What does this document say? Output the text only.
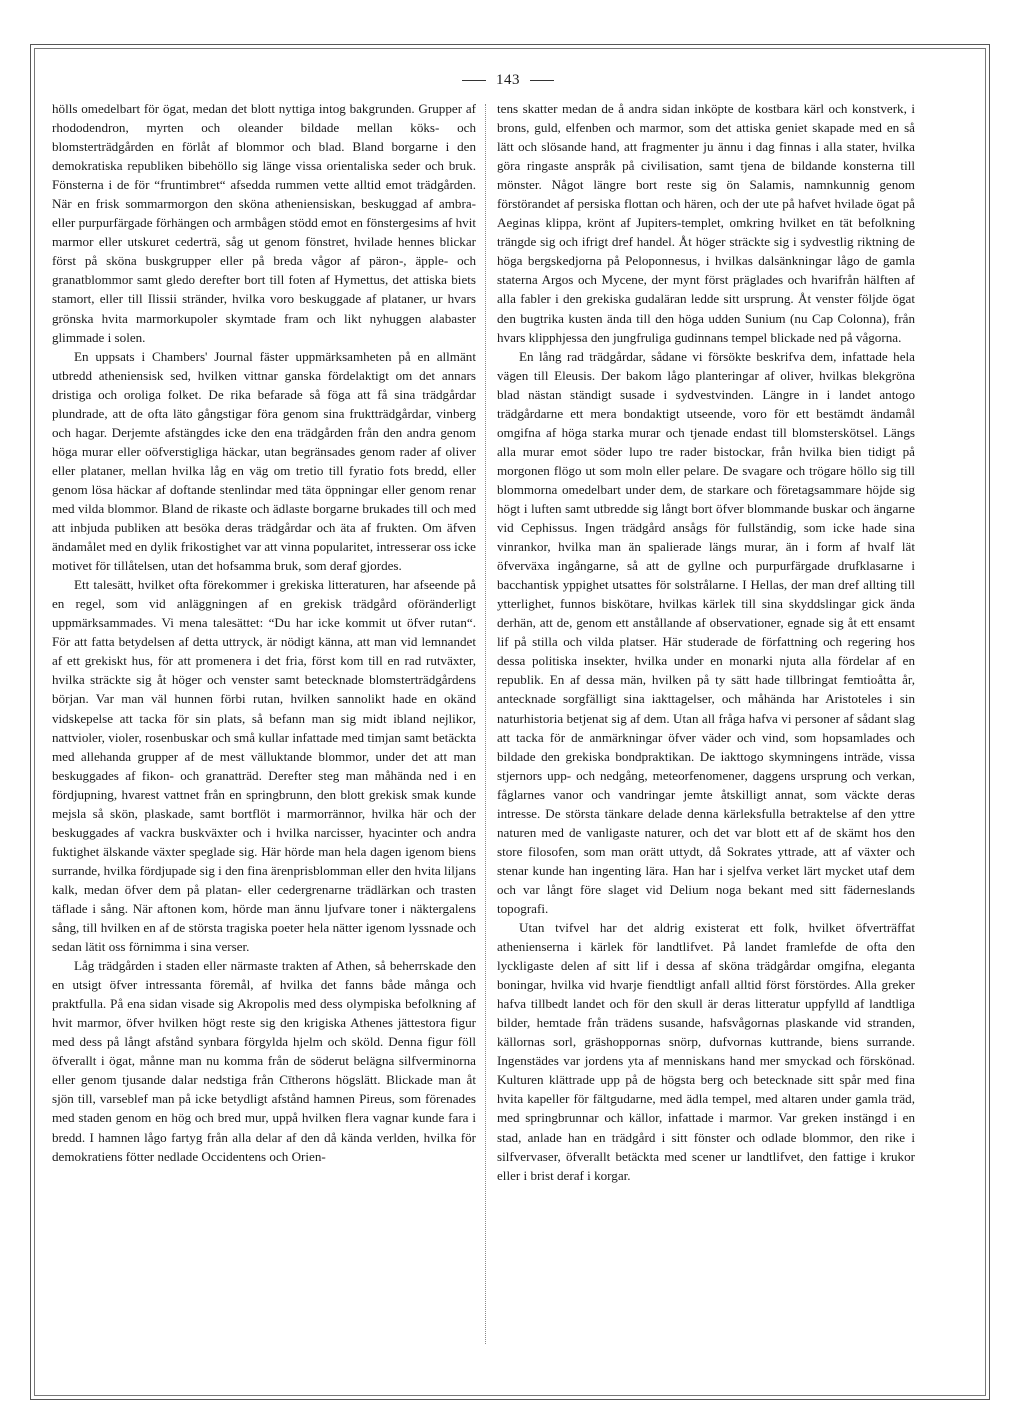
143

hölls omedelbart för ögat, medan det blott nyttiga intog bakgrunden. Grupper af rhododendron, myrten och oleander bildade mellan köks- och blomsterträdgården en förlåt af blommor och blad. Bland borgarne i den demokratiska republiken bibehöllo sig länge vissa orientaliska seder och bruk. Fönsterna i de för “fruntimbret“ afsedda rummen vette alltid emot trädgården. När en frisk sommarmorgon den sköna atheniensiskan, beskuggad af ambra- eller purpurfärgade förhängen och armbågen stödd emot en fönstergesims af hvit marmor eller utskuret cederträ, såg ut genom fönstret, hvilade hennes blickar först på sköna buskgrupper eller på breda vågor af päron-, äpple- och granatblommor samt gledo derefter bort till foten af Hymettus, det attiska biets stamort, eller till Ilissii stränder, hvilka voro beskuggade af plataner, ur hvars grönska hvita marmorkupoler skymtade fram och likt nyhuggen alabaster glimmade i solen.

En uppsats i Chambers' Journal fäster uppmärksamheten på en allmänt utbredd atheniensisk sed, hvilken vittnar ganska fördelaktigt om det annars dristiga och oroliga folket. De rika befarade så föga att få sina trädgårdar plundrade, att de ofta läto gångstigar föra genom sina fruktträdgårdar, vinberg och hagar. Derjemte afstängdes icke den ena trädgården från den andra genom höga murar eller oöfverstigliga häckar, utan begränsades genom rader af oliver eller plataner, mellan hvilka låg en väg om tretio till fyratio fots bredd, eller genom lösa häckar af doftande stenlindar med täta öppningar eller genom renar med vilda blommor. Bland de rikaste och ädlaste borgarne brukades till och med att inbjuda publiken att besöka deras trädgårdar och äta af frukten. Om äfven ändamålet med en dylik frikostighet var att vinna popularitet, intresserar oss icke motivet för tillåtelsen, utan det hofsamma bruk, som deraf gjordes.

Ett talesätt, hvilket ofta förekommer i grekiska litteraturen, har afseende på en regel, som vid anläggningen af en grekisk trädgård oföränderligt uppmärksammades. Vi mena talesättet: “Du har icke kommit ut öfver rutan“. För att fatta betydelsen af detta uttryck, är nödigt känna, att man vid lemnandet af ett grekiskt hus, för att promenera i det fria, först kom till en rad rutväxter, hvilka sträckte sig åt höger och venster samt betecknade blomsterträdgårdens början. Var man väl hunnen förbi rutan, hvilken sannolikt hade en okänd vidskepelse att tacka för sin plats, så befann man sig midt ibland nejlikor, nattvioler, violer, rosenbuskar och små kullar infattade med timjan samt betäckta med allehanda grupper af de mest välluktande blommor, under det att man beskuggades af fikon- och granatträd. Derefter steg man måhända ned i en fördjupning, hvarest vattnet från en springbrunn, den blott grekisk smak kunde mejsla så skön, plaskade, samt bortflöt i marmorrännor, hvilka här och der beskuggades af vackra buskväxter och i hvilka narcisser, hyacinter och andra fuktighet älskande växter speglade sig. Här hörde man hela dagen igenom biens surrande, hvilka fördjupade sig i den fina ärenprisblomman eller den hvita liljans kalk, medan öfver dem på platan- eller cedergrenarne trädlärkan och trasten täflade i sång. När aftonen kom, hörde man ännu ljufvare toner i näktergalens sång, till hvilken en af de största tragiska poeter hela nätter igenom lyssnade och sedan lätit oss förnimma i sina verser.

Låg trädgården i staden eller närmaste trakten af Athen, så beherrskade den en utsigt öfver intressanta föremål, af hvilka det fanns både många och praktfulla. På ena sidan visade sig Akropolis med dess olympiska befolkning af hvit marmor, öfver hvilken högt reste sig den krigiska Athenes jättestora figur med dess på långt afstånd synbara förgylda hjelm och sköld. Denna figur föll öfverallt i ögat, månne man nu komma från de söderut belägna silfverminorna eller genom tjusande dalar nedstiga från Cītherons högslätt. Blickade man åt sjön till, varseblef man på icke betydligt afstånd hamnen Pireus, som förenades med staden genom en hög och bred mur, uppå hvilken flera vagnar kunde fara i bredd. I hamnen lågo fartyg från alla delar af den då kända verlden, hvilka för demokratiens fötter nedlade Occidentens och Orien-

tens skatter medan de å andra sidan inköpte de kostbara kärl och konstverk, i brons, guld, elfenben och marmor, som det attiska geniet skapade med en så lätt och slösande hand, att fragmenter ju ännu i dag finnas i alla stater, hvilka göra ringaste anspråk på civilisation, samt tjena de bildande konsterna till mönster. Något längre bort reste sig ön Salamis, namnkunnig genom förstörandet af persiska flottan och hären, och der ute på hafvet hvilade ögat på Aeginas klippa, krönt af Jupiters-templet, omkring hvilket en tät befolkning trängde sig och ifrigt dref handel. Åt höger sträckte sig i sydvestlig riktning de höga bergskedjorna på Peloponnesus, i hvilkas dalsänkningar lågo de gamla staterna Argos och Mycene, der mynt först präglades och hvarifrån hälften af alla fabler i den grekiska gudaläran ledde sitt ursprung. Åt venster följde ögat den bugtrika kusten ända till den höga udden Sunium (nu Cap Colonna), från hvars klipphjessa den jungfruliga gudinnans tempel blickade ned på vågorna.

En lång rad trädgårdar, sådane vi försökte beskrifva dem, infattade hela vägen till Eleusis. Der bakom lågo planteringar af oliver, hvilkas blekgröna blad nästan ständigt susade i sydvestvinden. Längre in i landet antogo trädgårdarne ett mera bondaktigt utseende, voro för ett bestämdt ändamål omgifna af höga starka murar och tjenade endast till blomsterskötsel. Längs alla murar emot söder lupo tre rader bistockar, från hvilka bien tidigt på morgonen flögo ut som moln eller pelare. De svagare och trögare höllo sig till blommorna omedelbart under dem, de starkare och företagsammare höjde sig högt i luften samt utbredde sig långt bort öfver blommande buskar och ängarne vid Cephissus. Ingen trädgård ansågs för fullständig, som icke hade sina vinrankor, hvilka man än spalierade längs murar, än i form af hvalf lät öfverväxa ingångarne, så att de gyllne och purpurfärgade drufklasarne i bacchantisk yppighet utsattes för solstrålarne. I Hellas, der man dref allting till ytterlighet, funnos biskötare, hvilkas kärlek till sina skyddslingar gick ända derhän, att de, genom ett anstållande af observationer, egnade sig åt ett ensamt lif på stilla och vilda platser. Här studerade de författning och regering hos dessa politiska insekter, hvilka under en monarki njuta alla fördelar af en republik. En af dessa män, hvilken på ty sätt hade tillbringat femtioåtta år, antecknade sorgfälligt sina iakttagelser, och måhända har Aristoteles i sin naturhistoria betjenat sig af dem. Utan all fråga hafva vi personer af sådant slag att tacka för de anmärkningar öfver väder och vind, som hopsamlades och bildade den grekiska bondpraktikan. De iakttogo skymningens inträde, vissa stjernors upp- och nedgång, meteorfenomener, daggens ursprung och verkan, fåglarnes vanor och vandringar jemte åtskilligt annat, som väckte deras intresse. De största tänkare delade denna kärleksfulla betraktelse af den yttre naturen med de vanligaste naturer, och det var blott ett af de skämt hos den store filosofen, som man orätt uttydt, då Sokrates yttrade, att af växter och stenar kunde han ingenting lära. Han har i sjelfva verket lärt mycket utaf dem och var långt före slaget vid Delium noga bekant med sitt fäderneslands topografi.

Utan tvifvel har det aldrig existerat ett folk, hvilket öfverträffat athenienserna i kärlek för landtlifvet. På landet framlefde de ofta den lyckligaste delen af sitt lif i dessa af sköna trädgårdar omgifna, eleganta boningar, hvilka vid hvarje fiendtligt anfall alltid först förstördes. Alla greker hafva tillbedt landet och för den skull är deras litteratur uppfylld af landtliga bilder, hemtade från trädens susande, hafsvågornas plaskande vid stranden, källornas sorl, gräshoppornas snörp, dufvornas kuttrande, biens surrande. Ingenstädes var jordens yta af menniskans hand mer smyckad och förskönad. Kulturen klättrade upp på de högsta berg och betecknade sitt spår med fina hvita kapeller för fältgudarne, med ädla tempel, med altaren under gamla träd, med springbrunnar och källor, infattade i marmor. Var greken instängd i en stad, anlade han en trädgård i sitt fönster och odlade blommor, den rike i silfvervaser, öfverallt betäckta med scener ur landtlifvet, den fattige i krukor eller i brist deraf i korgar.
